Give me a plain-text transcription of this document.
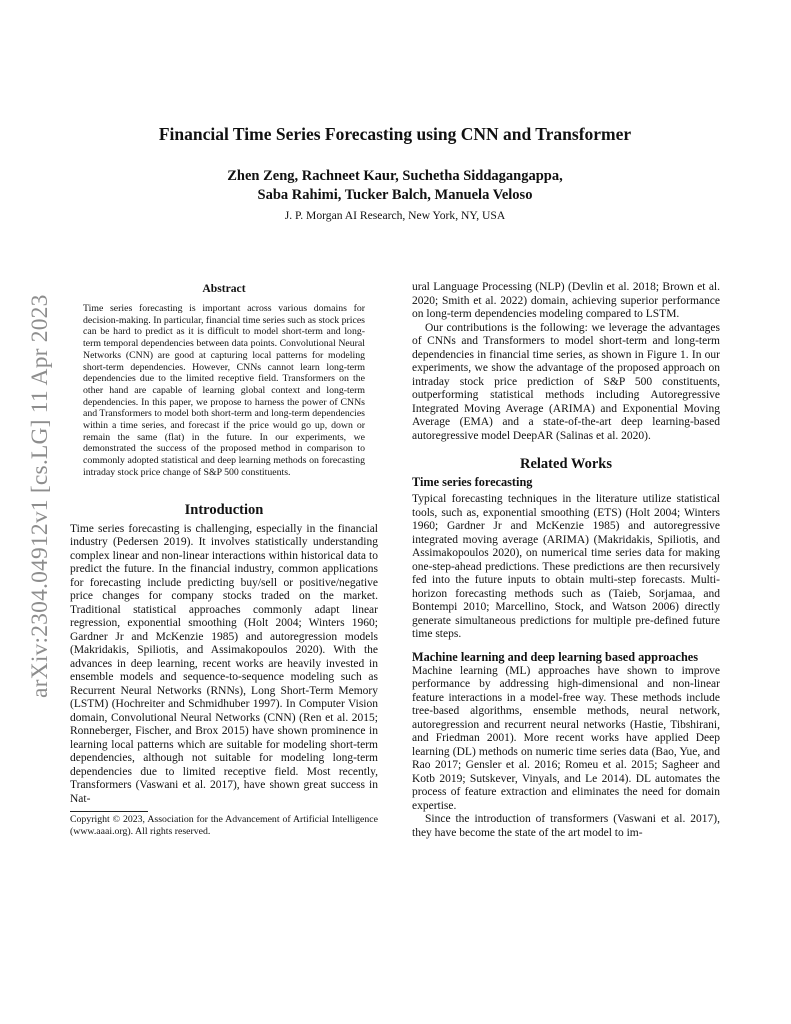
arXiv:2304.04912v1 [cs.LG] 11 Apr 2023
Financial Time Series Forecasting using CNN and Transformer
Zhen Zeng, Rachneet Kaur, Suchetha Siddagangappa,
Saba Rahimi, Tucker Balch, Manuela Veloso
J. P. Morgan AI Research, New York, NY, USA
Abstract

Time series forecasting is important across various domains for decision-making. In particular, financial time series such as stock prices can be hard to predict as it is difficult to model short-term and long-term temporal dependencies between data points. Convolutional Neural Networks (CNN) are good at capturing local patterns for modeling short-term dependencies. However, CNNs cannot learn long-term dependencies due to the limited receptive field. Transformers on the other hand are capable of learning global context and long-term dependencies. In this paper, we propose to harness the power of CNNs and Transformers to model both short-term and long-term dependencies within a time series, and forecast if the price would go up, down or remain the same (flat) in the future. In our experiments, we demonstrated the success of the proposed method in comparison to commonly adopted statistical and deep learning methods on forecasting intraday stock price change of S&P 500 constituents.

Introduction

Time series forecasting is challenging, especially in the financial industry (Pedersen 2019). It involves statistically understanding complex linear and non-linear interactions within historical data to predict the future. In the financial industry, common applications for forecasting include predicting buy/sell or positive/negative price changes for company stocks traded on the market. Traditional statistical approaches commonly adapt linear regression, exponential smoothing (Holt 2004; Winters 1960; Gardner Jr and McKenzie 1985) and autoregression models (Makridakis, Spiliotis, and Assimakopoulos 2020). With the advances in deep learning, recent works are heavily invested in ensemble models and sequence-to-sequence modeling such as Recurrent Neural Networks (RNNs), Long Short-Term Memory (LSTM) (Hochreiter and Schmidhuber 1997). In Computer Vision domain, Convolutional Neural Networks (CNN) (Ren et al. 2015; Ronneberger, Fischer, and Brox 2015) have shown prominence in learning local patterns which are suitable for modeling short-term dependencies, although not suitable for modeling long-term dependencies due to limited receptive field. Most recently, Transformers (Vaswani et al. 2017), have shown great success in Nat-

Copyright © 2023, Association for the Advancement of Artificial Intelligence (www.aaai.org). All rights reserved.

ural Language Processing (NLP) (Devlin et al. 2018; Brown et al. 2020; Smith et al. 2022) domain, achieving superior performance on long-term dependencies modeling compared to LSTM.

Our contributions is the following: we leverage the advantages of CNNs and Transformers to model short-term and long-term dependencies in financial time series, as shown in Figure 1. In our experiments, we show the advantage of the proposed approach on intraday stock price prediction of S&P 500 constituents, outperforming statistical methods including Autoregressive Integrated Moving Average (ARIMA) and Exponential Moving Average (EMA) and a state-of-the-art deep learning-based autoregressive model DeepAR (Salinas et al. 2020).

Related Works
Time series forecasting

Typical forecasting techniques in the literature utilize statistical tools, such as, exponential smoothing (ETS) (Holt 2004; Winters 1960; Gardner Jr and McKenzie 1985) and autoregressive integrated moving average (ARIMA) (Makridakis, Spiliotis, and Assimakopoulos 2020), on numerical time series data for making one-step-ahead predictions. These predictions are then recursively fed into the future inputs to obtain multi-step forecasts. Multi-horizon forecasting methods such as (Taieb, Sorjamaa, and Bontempi 2010; Marcellino, Stock, and Watson 2006) directly generate simultaneous predictions for multiple pre-defined future time steps.

Machine learning and deep learning based approaches

Machine learning (ML) approaches have shown to improve performance by addressing high-dimensional and non-linear feature interactions in a model-free way. These methods include tree-based algorithms, ensemble methods, neural network, autoregression and recurrent neural networks (Hastie, Tibshirani, and Friedman 2001). More recent works have applied Deep learning (DL) methods on numeric time series data (Bao, Yue, and Rao 2017; Gensler et al. 2016; Romeu et al. 2015; Sagheer and Kotb 2019; Sutskever, Vinyals, and Le 2014). DL automates the process of feature extraction and eliminates the need for domain expertise.

Since the introduction of transformers (Vaswani et al. 2017), they have become the state of the art model to im-
